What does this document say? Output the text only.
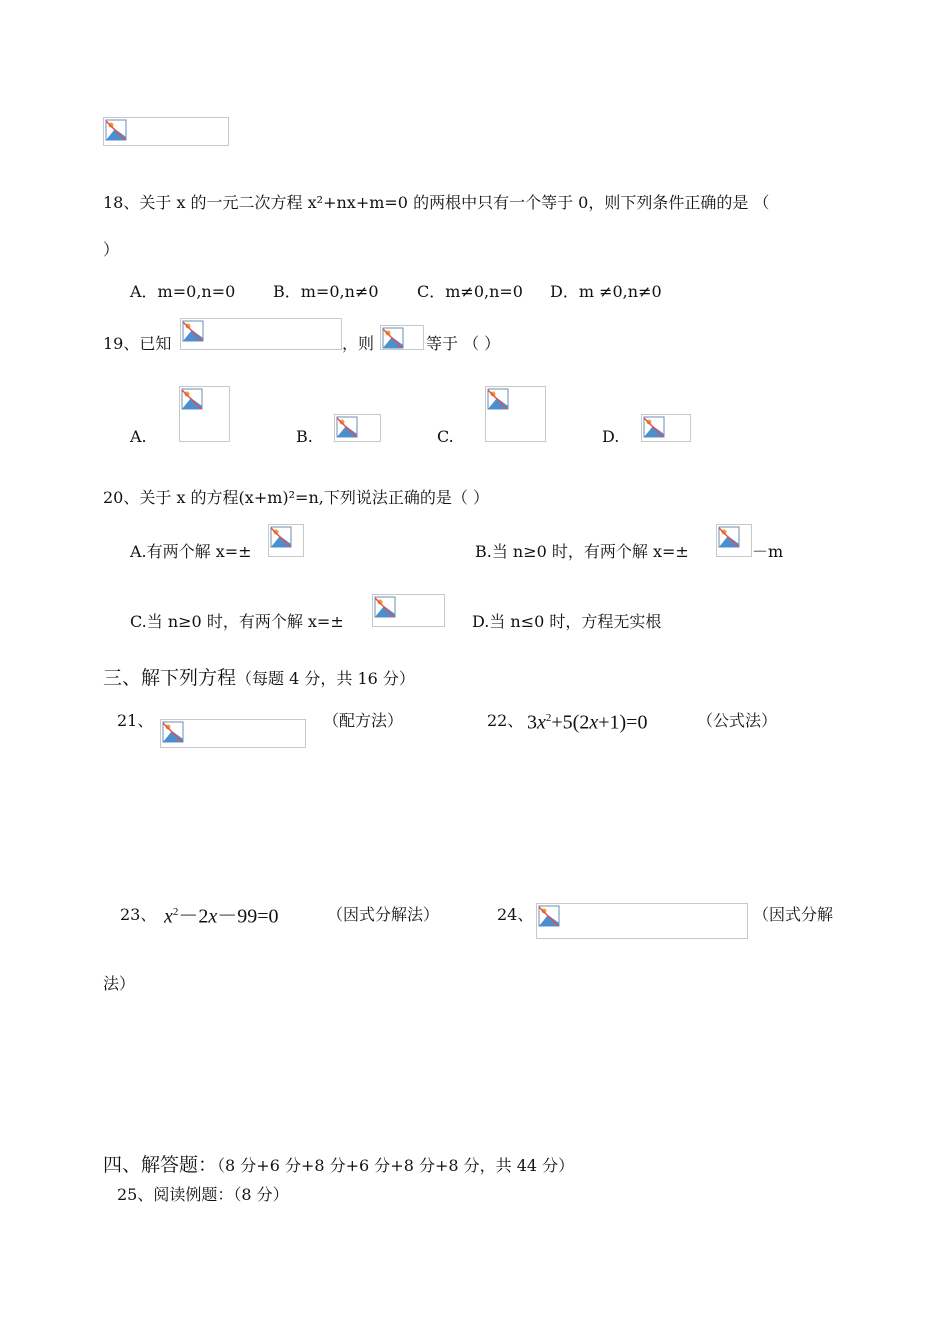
18、关于 x 的一元二次方程 x²+nx+m=0 的两根中只有一个等于 0，则下列条件正确的是 （
）
A．m=0,n=0 B．m=0,n≠0 C．m≠0,n=0 D．m ≠0,n≠0
19、已知	，则	等于 （ ）
A.	B.	C.	D.
20、关于 x 的方程(x+m)²=n,下列说法正确的是（ ）
A.有两个解 x=±	B.当 n≥0 时，有两个解 x=±	－m
C.当 n≥0 时，有两个解 x=±	D.当 n≤0 时，方程无实根
三、解下列方程（每题 4 分，共 16 分）
21、	（配方法）	22、 $3x^2+5(2x+1)=0$	（公式法）
23、 $x^2-2x-99=0$	（因式分解法）	24、	（因式分解
法）
四、解答题：（8 分+6 分+8 分+6 分+8 分+8 分，共 44 分）
25、阅读例题：（8 分）
